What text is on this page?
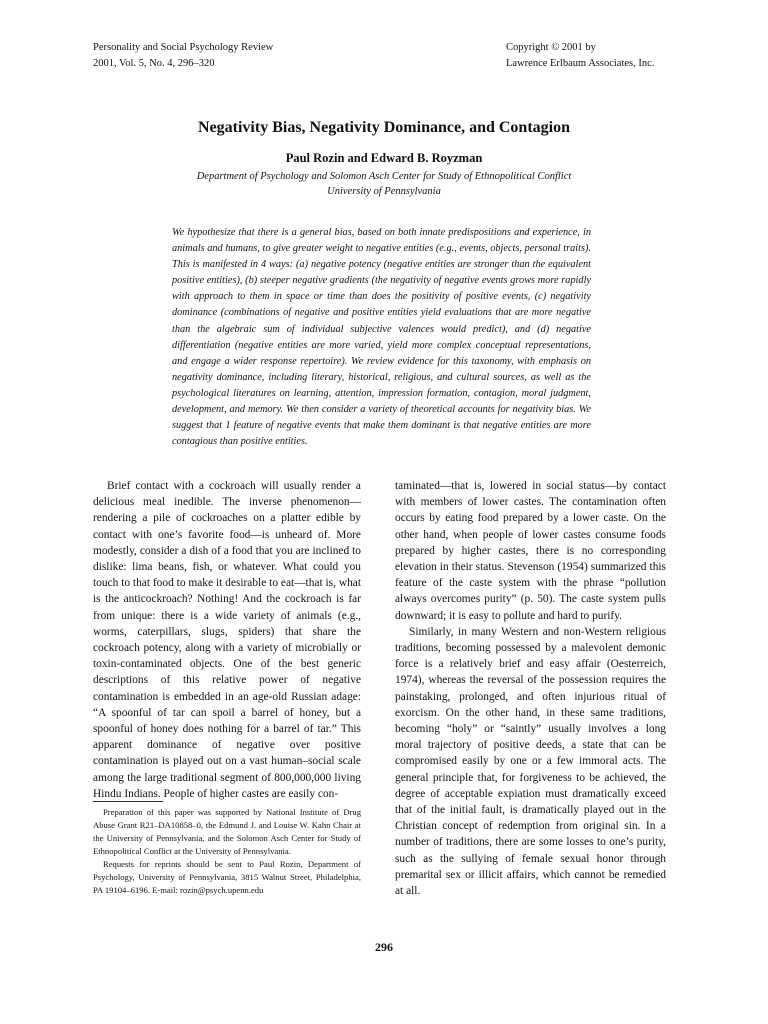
Personality and Social Psychology Review
2001, Vol. 5, No. 4, 296–320
Copyright © 2001 by
Lawrence Erlbaum Associates, Inc.
Negativity Bias, Negativity Dominance, and Contagion
Paul Rozin and Edward B. Royzman
Department of Psychology and Solomon Asch Center for Study of Ethnopolitical Conflict
University of Pennsylvania
We hypothesize that there is a general bias, based on both innate predispositions and experience, in animals and humans, to give greater weight to negative entities (e.g., events, objects, personal traits). This is manifested in 4 ways: (a) negative potency (negative entities are stronger than the equivalent positive entities), (b) steeper negative gradients (the negativity of negative events grows more rapidly with approach to them in space or time than does the positivity of positive events, (c) negativity dominance (combinations of negative and positive entities yield evaluations that are more negative than the algebraic sum of individual subjective valences would predict), and (d) negative differentiation (negative entities are more varied, yield more complex conceptual representations, and engage a wider response repertoire). We review evidence for this taxonomy, with emphasis on negativity dominance, including literary, historical, religious, and cultural sources, as well as the psychological literatures on learning, attention, impression formation, contagion, moral judgment, development, and memory. We then consider a variety of theoretical accounts for negativity bias. We suggest that 1 feature of negative events that make them dominant is that negative entities are more contagious than positive entities.

Brief contact with a cockroach will usually render a delicious meal inedible. The inverse phenomenon—rendering a pile of cockroaches on a platter edible by contact with one’s favorite food—is unheard of. More modestly, consider a dish of a food that you are inclined to dislike: lima beans, fish, or whatever. What could you touch to that food to make it desirable to eat—that is, what is the anticockroach? Nothing! And the cockroach is far from unique: there is a wide variety of animals (e.g., worms, caterpillars, slugs, spiders) that share the cockroach potency, along with a variety of microbially or toxin-contaminated objects. One of the best generic descriptions of this relative power of negative contamination is embedded in an age-old Russian adage: “A spoonful of tar can spoil a barrel of honey, but a spoonful of honey does nothing for a barrel of tar.” This apparent dominance of negative over positive contamination is played out on a vast human–social scale among the large traditional segment of 800,000,000 living Hindu Indians. People of higher castes are easily con-

taminated—that is, lowered in social status—by contact with members of lower castes. The contamination often occurs by eating food prepared by a lower caste. On the other hand, when people of lower castes consume foods prepared by higher castes, there is no corresponding elevation in their status. Stevenson (1954) summarized this feature of the caste system with the phrase “pollution always overcomes purity” (p. 50). The caste system pulls downward; it is easy to pollute and hard to purify.

Similarly, in many Western and non-Western religious traditions, becoming possessed by a malevolent demonic force is a relatively brief and easy affair (Oesterreich, 1974), whereas the reversal of the possession requires the painstaking, prolonged, and often injurious ritual of exorcism. On the other hand, in these same traditions, becoming “holy” or “saintly” usually involves a long moral trajectory of positive deeds, a state that can be compromised easily by one or a few immoral acts. The general principle that, for forgiveness to be achieved, the degree of acceptable expiation must dramatically exceed that of the initial fault, is dramatically played out in the Christian concept of redemption from original sin. In a number of traditions, there are some losses to one’s purity, such as the sullying of female sexual honor through premarital sex or illicit affairs, which cannot be remedied at all.

Preparation of this paper was supported by National Institute of Drug Abuse Grant R21–DA10858–0, the Edmund J. and Louise W. Kahn Chair at the University of Pennsylvania, and the Solomon Asch Center for Study of Ethnopolitical Conflict at the University of Pennsylvania.

Requests for reprints should be sent to Paul Rozin, Department of Psychology, University of Pennsylvania, 3815 Walnut Street, Philadelphia, PA 19104–6196. E-mail: rozin@psych.upenn.edu

296
